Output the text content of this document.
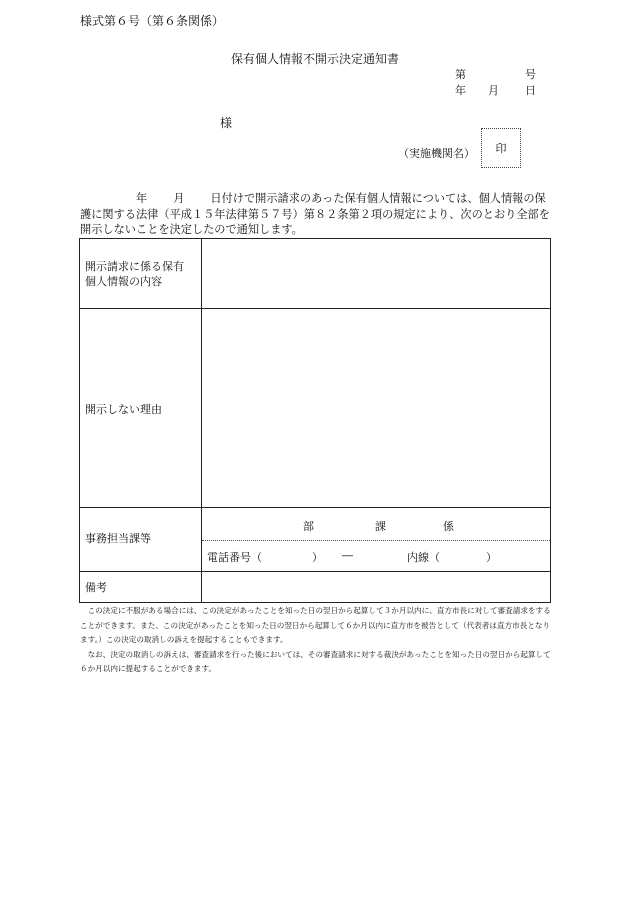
様式第６号（第６条関係）
保有個人情報不開示決定通知書
第	号
年 月 日
様
（実施機関名） 印
年 月 日付けで開示請求のあった保有個人情報については、個人情報の保護に関する法律（平成１５年法律第５７号）第８２条第２項の規定により、次のとおり全部を開示しないことを決定したので通知します。
開示請求に係る保有
個人情報の内容
開示しない理由
事務担当課等
部	課	係
電話番号（	） ―	内線（	）
備考

この決定に不服がある場合には、この決定があったことを知った日の翌日から起算して３か月以内に、直方市長に対して審査請求をすることができます。また、この決定があったことを知った日の翌日から起算して６か月以内に直方市を被告として（代表者は直方市長となります。）この決定の取消しの訴えを提起することもできます。

なお、決定の取消しの訴えは、審査請求を行った後においては、その審査請求に対する裁決があったことを知った日の翌日から起算して６か月以内に提起することができます。
